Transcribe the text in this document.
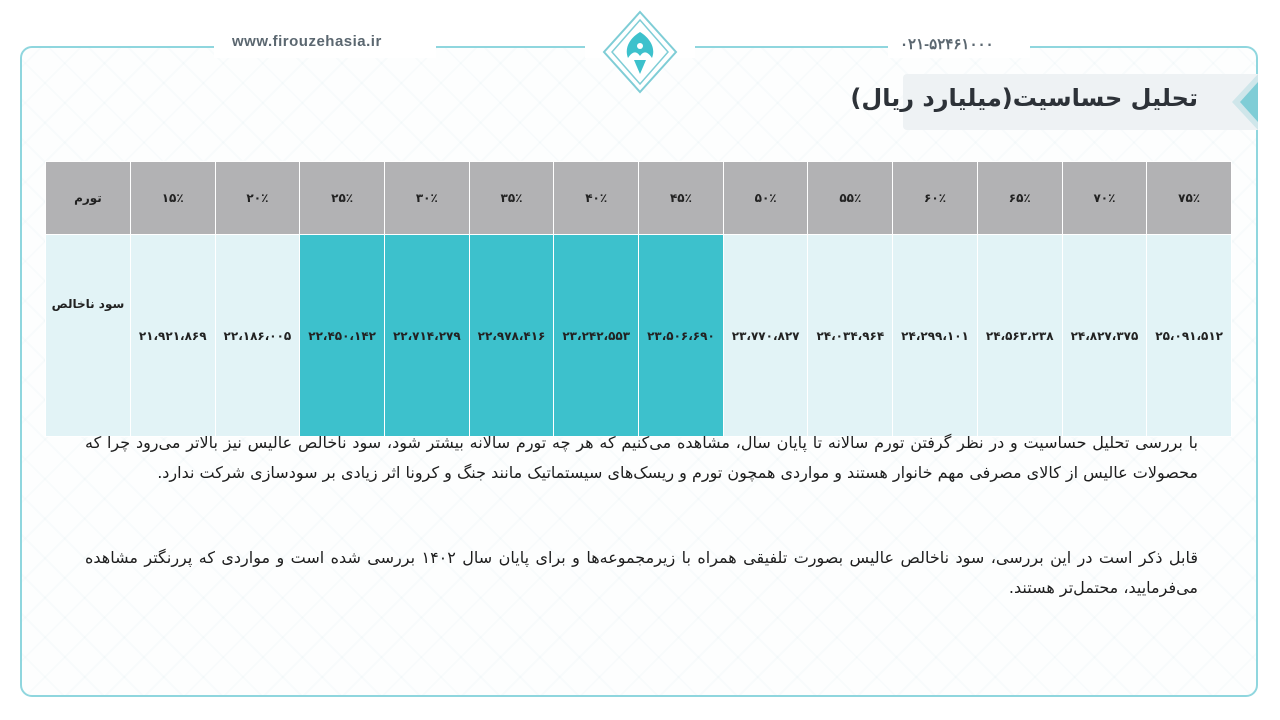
www.firouzehasia.ir	۰۲۱-۵۲۴۶۱۰۰۰
تحلیل حساسیت(میلیارد ریال)
۷۵٪	۷۰٪	۶۵٪	۶۰٪	۵۵٪	۵۰٪	۴۵٪	۴۰٪	۳۵٪	۳۰٪	۲۵٪	۲۰٪	۱۵٪	تورم
۲۵،۰۹۱،۵۱۲	۲۴،۸۲۷،۳۷۵	۲۴،۵۶۳،۲۳۸	۲۴،۲۹۹،۱۰۱	۲۴،۰۳۴،۹۶۴	۲۳،۷۷۰،۸۲۷	۲۳،۵۰۶،۶۹۰	۲۳،۲۴۲،۵۵۳	۲۲،۹۷۸،۴۱۶	۲۲،۷۱۴،۲۷۹	۲۲،۴۵۰،۱۴۲	۲۲،۱۸۶،۰۰۵	۲۱،۹۲۱،۸۶۹	سود ناخالص
با بررسی تحلیل حساسیت و در نظر گرفتن تورم سالانه تا پایان سال، مشاهده می‌کنیم که هر چه تورم سالانه بیشتر شود، سود ناخالص عالیس نیز بالاتر می‌رود چرا که محصولات عالیس از کالای مصرفی مهم خانوار هستند و مواردی همچون تورم و ریسک‌های سیستماتیک مانند جنگ و کرونا اثر زیادی بر سودسازی شرکت ندارد.
قابل ذکر است در این بررسی، سود ناخالص عالیس بصورت تلفیقی همراه با زیرمجموعه‌ها و برای پایان سال ۱۴۰۲ بررسی شده است و مواردی که پررنگتر مشاهده می‌فرمایید، محتمل‌تر هستند.
